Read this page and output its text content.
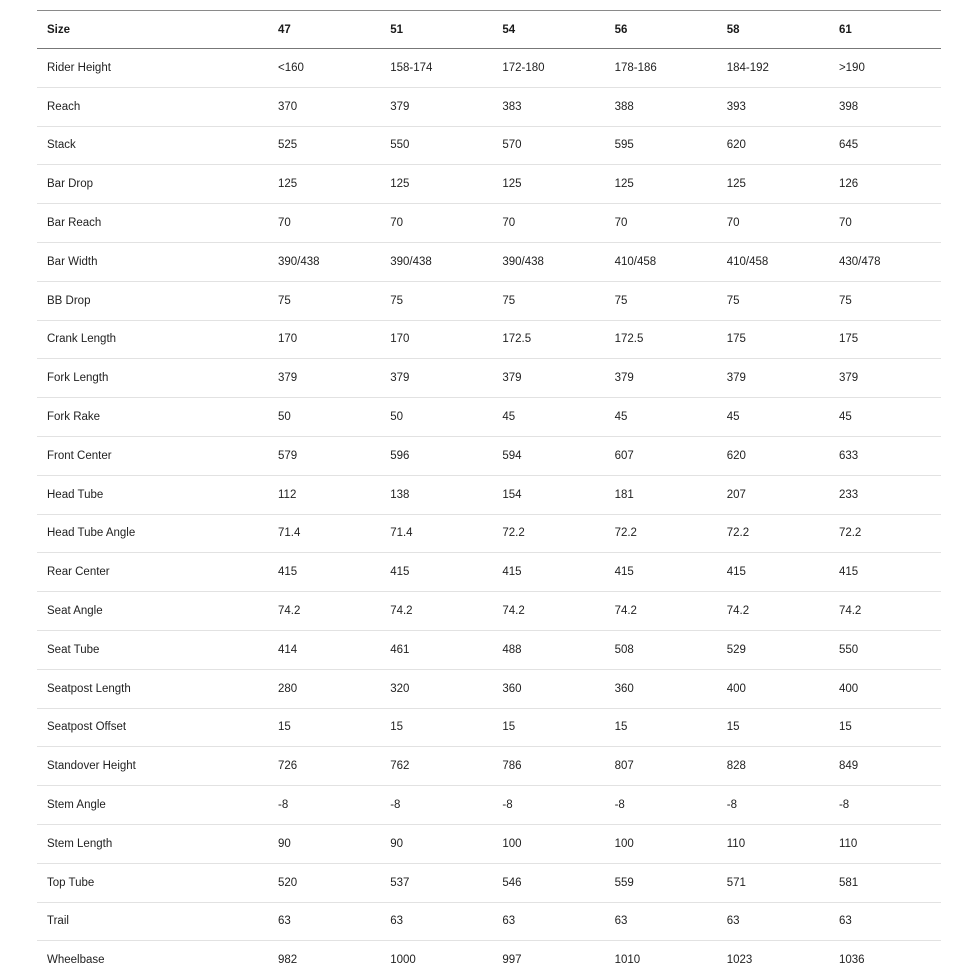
Size	47	51	54	56	58	61
Rider Height	<160	158-174	172-180	178-186	184-192	>190
Reach	370	379	383	388	393	398
Stack	525	550	570	595	620	645
Bar Drop	125	125	125	125	125	126
Bar Reach	70	70	70	70	70	70
Bar Width	390/438	390/438	390/438	410/458	410/458	430/478
BB Drop	75	75	75	75	75	75
Crank Length	170	170	172.5	172.5	175	175
Fork Length	379	379	379	379	379	379
Fork Rake	50	50	45	45	45	45
Front Center	579	596	594	607	620	633
Head Tube	112	138	154	181	207	233
Head Tube Angle	71.4	71.4	72.2	72.2	72.2	72.2
Rear Center	415	415	415	415	415	415
Seat Angle	74.2	74.2	74.2	74.2	74.2	74.2
Seat Tube	414	461	488	508	529	550
Seatpost Length	280	320	360	360	400	400
Seatpost Offset	15	15	15	15	15	15
Standover Height	726	762	786	807	828	849
Stem Angle	-8	-8	-8	-8	-8	-8
Stem Length	90	90	100	100	110	110
Top Tube	520	537	546	559	571	581
Trail	63	63	63	63	63	63
Wheelbase	982	1000	997	1010	1023	1036
